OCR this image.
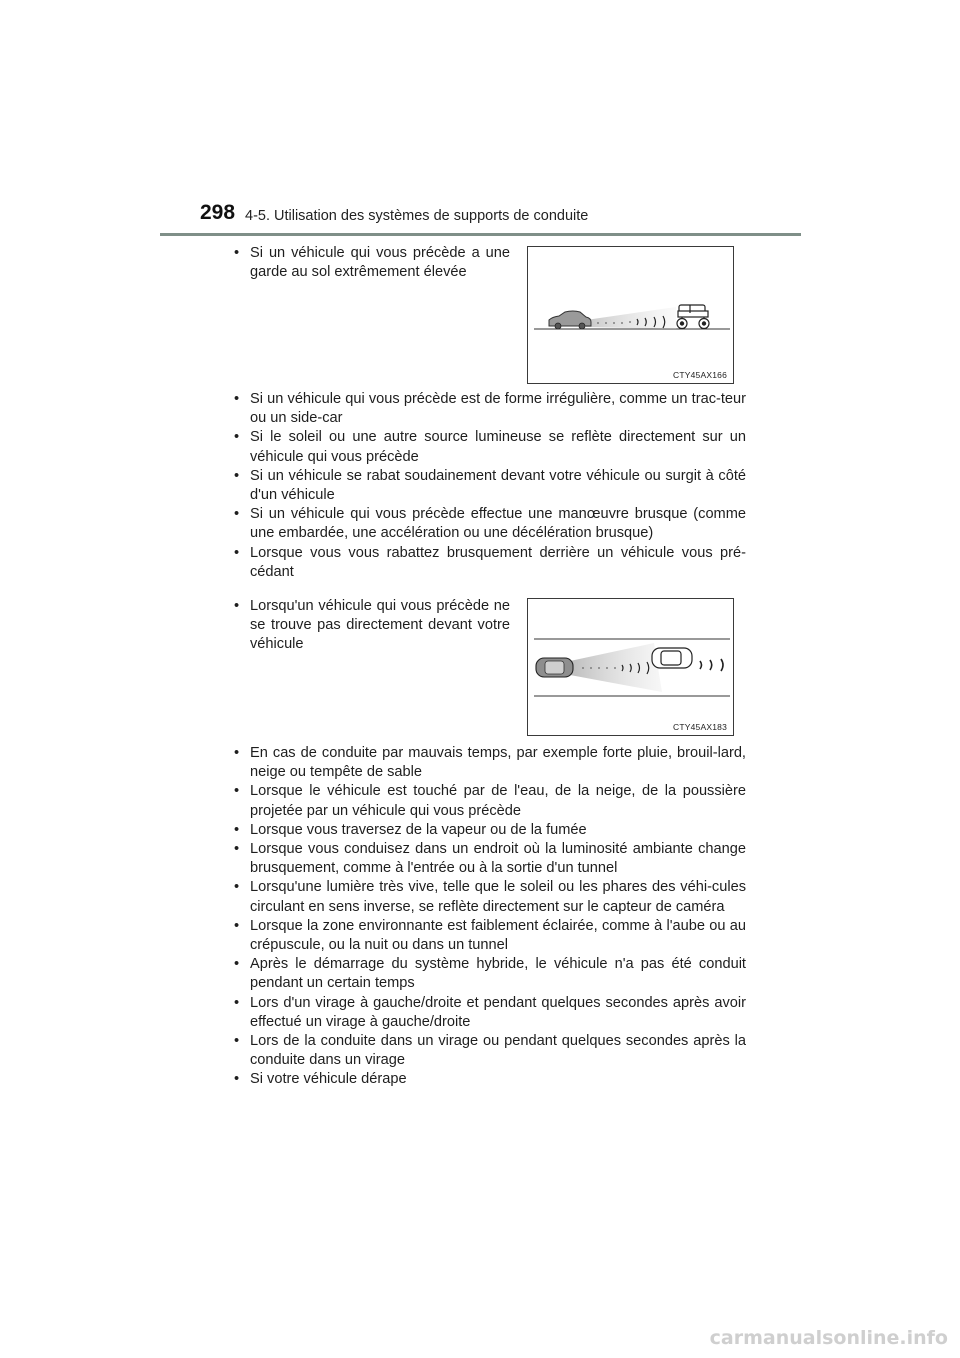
298 4-5. Utilisation des systèmes de supports de conduite
• Si un véhicule qui vous précède a une garde au sol extrêmement élevée
CTY45AX166
• Si un véhicule qui vous précède est de forme irrégulière, comme un trac-teur ou un side-car
• Si le soleil ou une autre source lumineuse se reflète directement sur un véhicule qui vous précède
• Si un véhicule se rabat soudainement devant votre véhicule ou surgit à côté d'un véhicule
• Si un véhicule qui vous précède effectue une manœuvre brusque (comme une embardée, une accélération ou une décélération brusque)
• Lorsque vous vous rabattez brusquement derrière un véhicule vous pré-cédant
• Lorsqu'un véhicule qui vous précède ne se trouve pas directement devant votre véhicule
CTY45AX183
• En cas de conduite par mauvais temps, par exemple forte pluie, brouil-lard, neige ou tempête de sable
• Lorsque le véhicule est touché par de l'eau, de la neige, de la poussière projetée par un véhicule qui vous précède
• Lorsque vous traversez de la vapeur ou de la fumée
• Lorsque vous conduisez dans un endroit où la luminosité ambiante change brusquement, comme à l'entrée ou à la sortie d'un tunnel
• Lorsqu'une lumière très vive, telle que le soleil ou les phares des véhi-cules circulant en sens inverse, se reflète directement sur le capteur de caméra
• Lorsque la zone environnante est faiblement éclairée, comme à l'aube ou au crépuscule, ou la nuit ou dans un tunnel
• Après le démarrage du système hybride, le véhicule n'a pas été conduit pendant un certain temps
• Lors d'un virage à gauche/droite et pendant quelques secondes après avoir effectué un virage à gauche/droite
• Lors de la conduite dans un virage ou pendant quelques secondes après la conduite dans un virage
• Si votre véhicule dérape
carmanualsonline.info
